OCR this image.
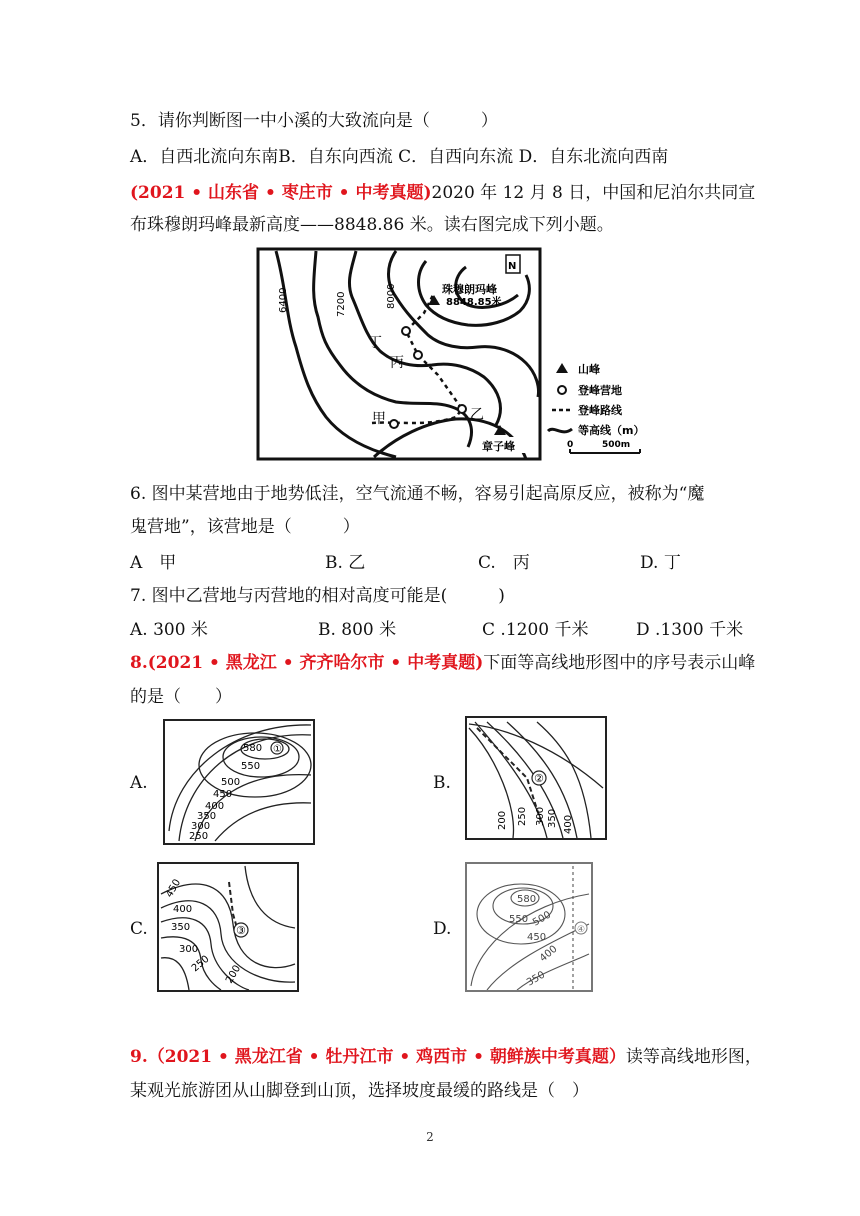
5．请你判断图一中小溪的大致流向是（　　　）
A．自西北流向东南B．自东向西流 C．自西向东流 D．自东北流向西南
(2021 • 山东省 • 枣庄市 • 中考真题)2020 年 12 月 8 日，中国和尼泊尔共同宣
布珠穆朗玛峰最新高度——8848.86 米。读右图完成下列小题。
珠穆朗玛峰
8848.85米
6400	7200	8000
N
丁
丙
乙
甲
章子峰
山峰
登峰营地
登峰路线
等高线（m）
0	500m
6. 图中某营地由于地势低洼，空气流通不畅，容易引起高原反应，被称为“魔
鬼营地”，该营地是（　　　）
A　甲	B. 乙	C.　丙	D. 丁
7. 图中乙营地与丙营地的相对高度可能是(　　　)
A. 300 米	B. 800 米	C .1200 千米	D .1300 千米
8.(2021 • 黑龙江 • 齐齐哈尔市 • 中考真题)下面等高线地形图中的序号表示山峰
的是（　　）
A.	B.
C.	D.
①
580
550
500
450
400
350
300
250
②
200 250 300 350 400
③
450
400
350
300
250 200
④
580
550 500
450
400
350
9.（2021 • 黑龙江省 • 牡丹江市 • 鸡西市 • 朝鲜族中考真题）读等高线地形图，
某观光旅游团从山脚登到山顶，选择坡度最缓的路线是（　）
2
